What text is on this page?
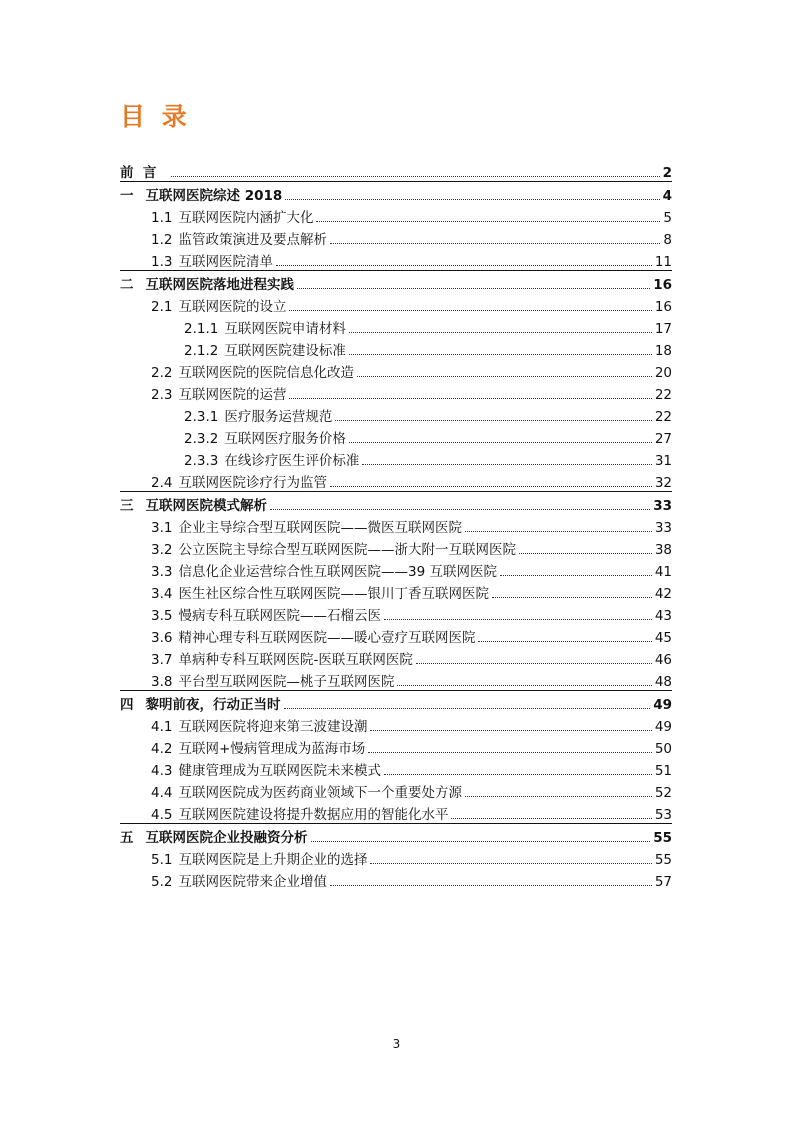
目 录
前  言	2
一 互联网医院综述 2018	4
1.1 互联网医院内涵扩大化	5
1.2 监管政策演进及要点解析	8
1.3 互联网医院清单	11
二 互联网医院落地进程实践	16
2.1 互联网医院的设立	16
2.1.1 互联网医院申请材料	17
2.1.2 互联网医院建设标准	18
2.2 互联网医院的医院信息化改造	20
2.3 互联网医院的运营	22
2.3.1 医疗服务运营规范	22
2.3.2 互联网医疗服务价格	27
2.3.3 在线诊疗医生评价标准	31
2.4 互联网医院诊疗行为监管	32
三 互联网医院模式解析	33
3.1 企业主导综合型互联网医院——微医互联网医院	33
3.2 公立医院主导综合型互联网医院——浙大附一互联网医院	38
3.3 信息化企业运营综合性互联网医院——39 互联网医院	41
3.4 医生社区综合性互联网医院——银川丁香互联网医院	42
3.5 慢病专科互联网医院——石榴云医	43
3.6 精神心理专科互联网医院——暖心壹疗互联网医院	45
3.7 单病种专科互联网医院-医联互联网医院	46
3.8 平台型互联网医院—桃子互联网医院	48
四 黎明前夜，行动正当时	49
4.1 互联网医院将迎来第三波建设潮	49
4.2 互联网+慢病管理成为蓝海市场	50
4.3 健康管理成为互联网医院未来模式	51
4.4 互联网医院成为医药商业领域下一个重要处方源	52
4.5 互联网医院建设将提升数据应用的智能化水平	53
五 互联网医院企业投融资分析	55
5.1 互联网医院是上升期企业的选择	55
5.2 互联网医院带来企业增值	57
3
